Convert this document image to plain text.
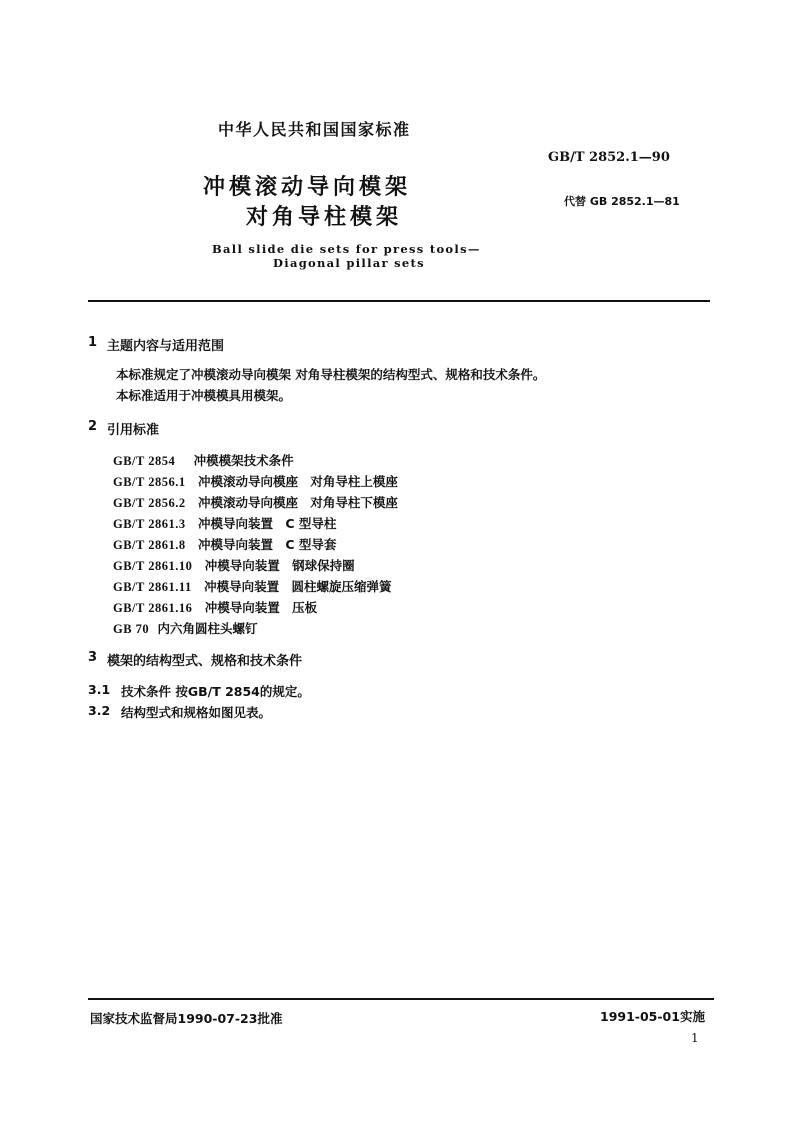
中华人民共和国国家标准
GB/T 2852.1—90
冲模滚动导向模架
对角导柱模架
代替 GB 2852.1—81
Ball slide die sets for press tools—
Diagonal pillar sets
1 主题内容与适用范围
本标准规定了冲模滚动导向模架 对角导柱模架的结构型式、规格和技术条件。
本标准适用于冲模模具用模架。
2 引用标准
GB/T 2854 冲模模架技术条件
GB/T 2856.1 冲模滚动导向模座 对角导柱上模座
GB/T 2856.2 冲模滚动导向模座 对角导柱下模座
GB/T 2861.3 冲模导向装置 C 型导柱
GB/T 2861.8 冲模导向装置 C 型导套
GB/T 2861.10 冲模导向装置 钢球保持圈
GB/T 2861.11 冲模导向装置 圆柱螺旋压缩弹簧
GB/T 2861.16 冲模导向装置 压板
GB 70 内六角圆柱头螺钉
3 模架的结构型式、规格和技术条件
3.1 技术条件 按GB/T 2854的规定。
3.2 结构型式和规格如图见表。
国家技术监督局1990-07-23批准	1991-05-01实施
1
